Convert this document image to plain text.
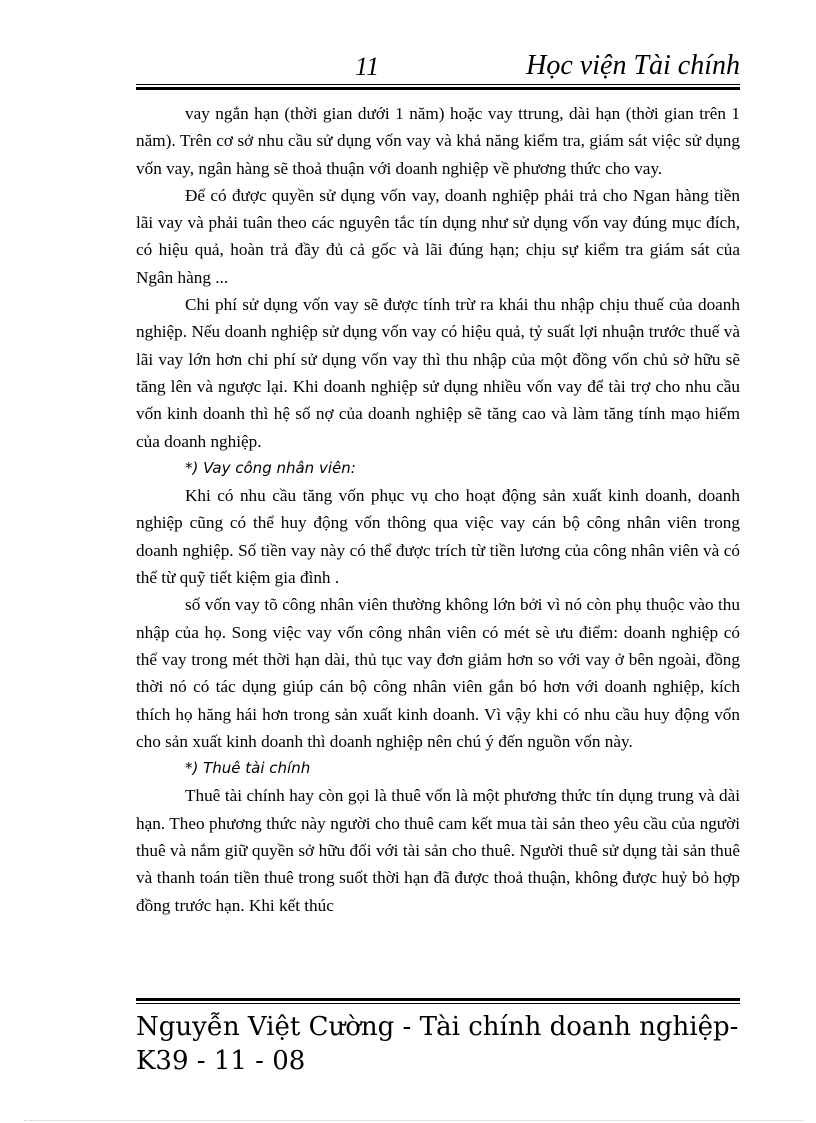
11	Học viện Tài chính

vay ngắn hạn (thời gian dưới 1 năm) hoặc vay ttrung, dài hạn (thời gian trên 1 năm). Trên cơ sở nhu cầu sử dụng vốn vay và khả năng kiểm tra, giám sát việc sử dụng vốn vay, ngân hàng sẽ thoả thuận với doanh nghiệp về phương thức cho vay.

Để có được quyền sử dụng vốn vay, doanh nghiệp phải trả cho Ngan hàng tiền lãi vay và phải tuân theo các nguyên tắc tín dụng như sử dụng vốn vay đúng mục đích, có hiệu quả, hoàn trả đầy đủ cả gốc và lãi đúng hạn; chịu sự kiểm tra giám sát của Ngân hàng ...

Chi phí sử dụng vốn vay sẽ được tính trừ ra khái thu nhập chịu thuế của doanh nghiệp. Nếu doanh nghiệp sử dụng vốn vay có hiệu quả, tỷ suất lợi nhuận trước thuế và lãi vay lớn hơn chi phí sử dụng vốn vay thì thu nhập của một đồng vốn chủ sở hữu sẽ tăng lên và ngược lại. Khi doanh nghiệp sử dụng nhiều vốn vay để tài trợ cho nhu cầu vốn kinh doanh thì hệ số nợ của doanh nghiệp sẽ tăng cao và làm tăng tính mạo hiểm của doanh nghiệp.

*) Vay công nhân viên:

Khi có nhu cầu tăng vốn phục vụ cho hoạt động sản xuất kinh doanh, doanh nghiệp cũng có thể huy động vốn thông qua việc vay cán bộ công nhân viên trong doanh nghiệp. Số tiền vay này có thể được trích từ tiền lương của công nhân viên và có thể từ quỹ tiết kiệm gia đình .

số vốn vay tõ công nhân viên thường không lớn bởi vì nó còn phụ thuộc vào thu nhập của họ. Song việc vay vốn công nhân viên có mét sè ưu điểm: doanh nghiệp có thể vay trong mét thời hạn dài, thủ tục vay đơn giảm hơn so với vay ở bên ngoài, đồng thời nó có tác dụng giúp cán bộ công nhân viên gắn bó hơn với doanh nghiệp, kích thích họ hăng hái hơn trong sản xuất kinh doanh. Vì vậy khi có nhu cầu huy động vốn cho sản xuất kinh doanh thì doanh nghiệp nên chú ý đến nguồn vốn này.

*) Thuê tài chính

Thuê tài chính hay còn gọi là thuê vốn là một phương thức tín dụng trung và dài hạn. Theo phương thức này người cho thuê cam kết mua tài sản theo yêu cầu của người thuê và nắm giữ quyền sở hữu đối với tài sản cho thuê. Người thuê sử dụng tài sản thuê và thanh toán tiền thuê trong suốt thời hạn đã được thoả thuận, không được huỷ bỏ hợp đồng trước hạn. Khi kết thúc

Nguyễn Việt Cường - Tài chính doanh nghiệp-
K39 - 11 - 08
